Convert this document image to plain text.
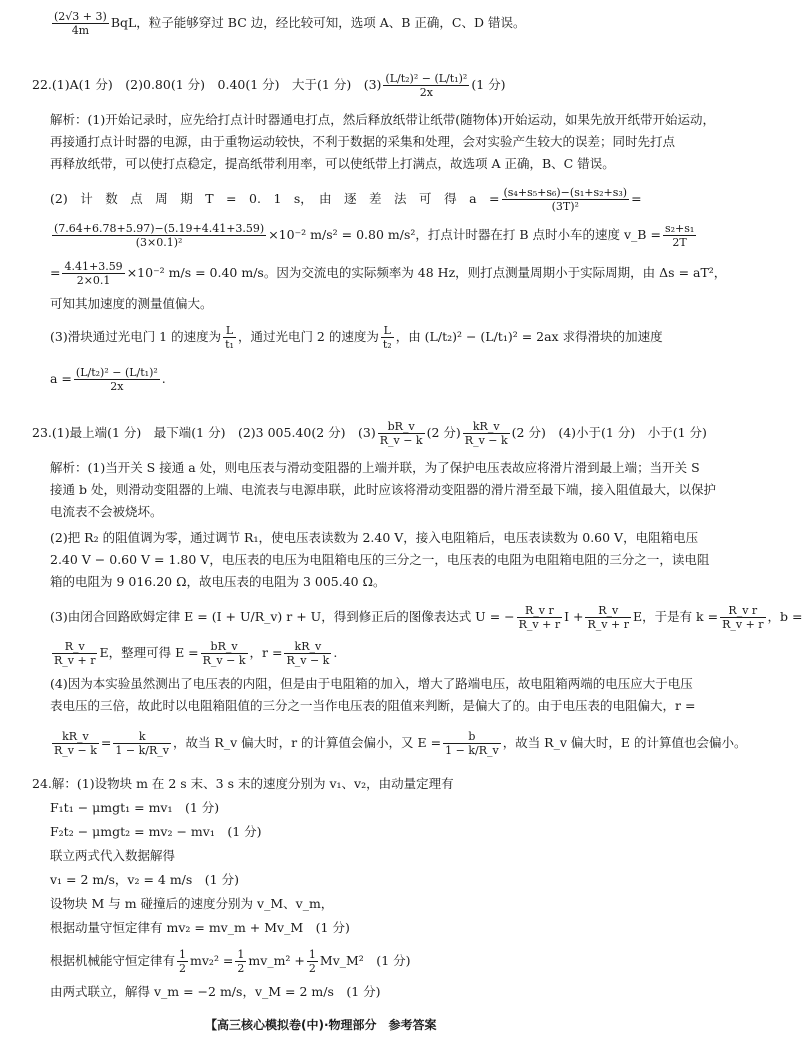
$\frac{(2√3 + 3)}{4m}$ BqL，粒子能够穿过 BC 边，经比较可知，选项 A、B 正确，C、D 错误。
22.(1)A(1 分)　(2)0.80(1 分)　0.40(1 分)　大于(1 分)　$(3) \frac{\text{(L/t₂)² − (L/t₁)²}}{2x} (1$ 分)
解析：(1)开始记录时，应先给打点计时器通电打点，然后释放纸带让纸带(随物体)开始运动，如果先放开纸带开始运动，
再接通打点计时器的电源，由于重物运动较快，不利于数据的采集和处理，会对实验产生较大的误差；同时先打点
再释放纸带，可以使打点稳定，提高纸带利用率，可以使纸带上打满点，故选项 A 正确，B、C 错误。
(2)　计　数　点　周　期　T　=　0.　1　s，　由　逐　差　法　可　得　a　= $\frac{\text{(s₄+s₅+s₆)−(s₁+s₂+s₃)}}{\text{(3T)²}}$ =
$\frac{(7.64+6.78+5.97)-(5.19+4.41+3.59)}{\text{(3×0.1)²}} \times 10^{-2}$ m/s² = 0.80 m/s²，打点计时器在打 B 点时小车的速度 v_B = $\frac{\text{s₂+s₁}}{2T}$
= $\frac{4.41+3.59}{2\times 0.1} \times 10^{-2}$ m/s = 0.40 m/s。因为交流电的实际频率为 48 Hz，则打点测量周期小于实际周期，由 Δs = aT²，
可知其加速度的测量值偏大。
(3)滑块通过光电门 1 的速度为 $\frac{L}{\text{t₁}}$ ，通过光电门 2 的速度为 $\frac{L}{\text{t₂}}$ ，由 (L/t₂)² − (L/t₁)² = 2ax 求得滑块的加速度
$a = \frac{\text{(L/t₂)² − (L/t₁)²}}{2x}$ .
23.(1)最上端(1 分)　最下端(1 分)　(2)3 005.40(2 分)　$(3) \frac{bR\_v}{R\_v - k} (2$ 分) $\frac{kR\_v}{R\_v - k} (2$ 分)　(4)小于(1 分)　小于(1 分)
解析：(1)当开关 S 接通 a 处，则电压表与滑动变阻器的上端并联，为了保护电压表故应将滑片滑到最上端；当开关 S
接通 b 处，则滑动变阻器的上端、电流表与电源串联，此时应该将滑动变阻器的滑片滑至最下端，接入阻值最大，以保护
电流表不会被烧坏。
(2)把 R₂ 的阻值调为零，通过调节 R₁，使电压表读数为 2.40 V，接入电阻箱后，电压表读数为 0.60 V，电阻箱电压
2.40 V − 0.60 V = 1.80 V，电压表的电压为电阻箱电压的三分之一，电压表的电阻为电阻箱电阻的三分之一，读电阻
箱的电阻为 9 016.20 Ω，故电压表的电阻为 3 005.40 Ω。
(3)由闭合回路欧姆定律 E = (I + U/R_v) r + U，得到修正后的图像表达式 U = − $\frac{\text{R\_v r}}{R\_v + r}$ $I + \frac{R\_v}{R\_v + r}$ E，于是有 $k = \frac{\text{R\_v r}}{R\_v + r}$ ，b =
$\frac{R\_v}{R\_v + r}$ E，整理可得 $E = \frac{bR\_v}{R\_v - k}$ ，$r = \frac{kR\_v}{R\_v - k}$ .
(4)因为本实验虽然测出了电压表的内阻，但是由于电阻箱的加入，增大了路端电压，故电阻箱两端的电压应大于电压
表电压的三倍，故此时以电阻箱阻值的三分之一当作电压表的阻值来判断，是偏大了的。由于电压表的电阻偏大，r =
$\frac{kR\_v}{R\_v - k} = \frac{k}{1 - k/R\_v}$ ，故当 R_v 偏大时，r 的计算值会偏小，又 $E = \frac{b}{1 - k/R\_v}$ ，故当 R_v 偏大时，E 的计算值也会偏小。
24.解：(1)设物块 m 在 2 s 末、3 s 末的速度分别为 v₁、v₂，由动量定理有
F₁t₁ − μmgt₁ = mv₁　(1 分)
F₂t₂ − μmgt₂ = mv₂ − mv₁　(1 分)
联立两式代入数据解得
v₁ = 2 m/s，v₂ = 4 m/s　(1 分)
设物块 M 与 m 碰撞后的速度分别为 v_M、v_m，
根据动量守恒定律有 mv₂ = mv_m + Mv_M　(1 分)
根据机械能守恒定律有 $\frac{1}{2} mv_2^2 = \frac{1}{2}$ mv_m² + $\frac{1}{2}$ Mv_M²　(1 分)
由两式联立，解得 v_m = −2 m/s，v_M = 2 m/s　(1 分)
【高三核心模拟卷(中)·物理部分　参考答案
